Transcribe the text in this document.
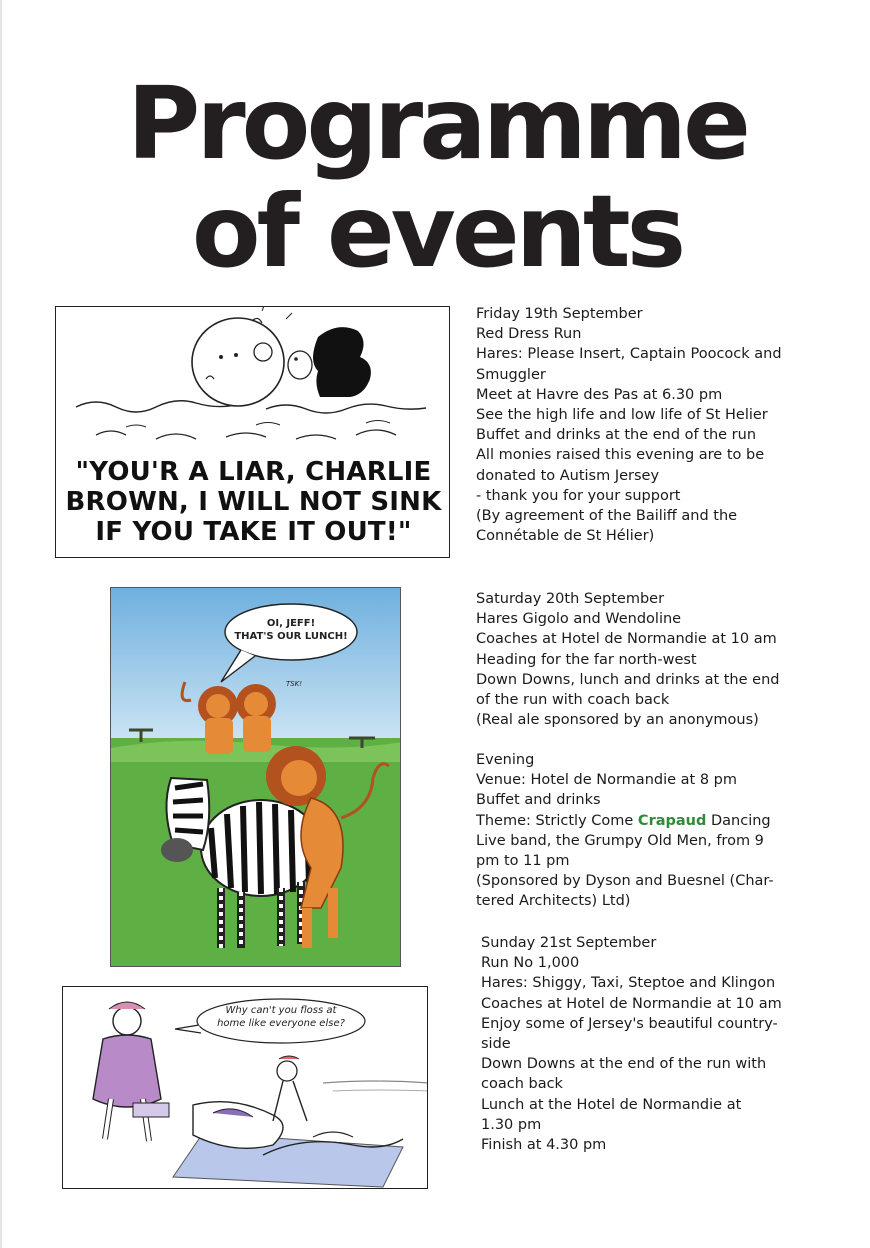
Programme
of events
"YOU'R A LIAR, CHARLIE
BROWN, I WILL NOT SINK
IF YOU TAKE IT OUT!"
OI, JEFF!
THAT'S OUR LUNCH!
TSK!
Why can't you floss at
home like everyone else?
Friday 19th September
Red Dress Run
Hares: Please Insert, Captain Poocock and
Smuggler
Meet at Havre des Pas at 6.30 pm
See the high life and low life of St Helier
Buffet and drinks at the end of the run
All monies raised this evening are to be
donated to Autism Jersey
- thank you for your support
(By agreement of the Bailiff and the
Connétable de St Hélier)
Saturday 20th September
Hares Gigolo and Wendoline
Coaches at Hotel de Normandie at 10 am
Heading for the far north-west
Down Downs, lunch and drinks at the end
of the run with coach back
(Real ale sponsored by an anonymous)
Evening
Venue: Hotel de Normandie at 8 pm
Buffet and drinks
Theme: Strictly Come Crapaud Dancing
Live band, the Grumpy Old Men, from 9
pm to 11 pm
(Sponsored by Dyson and Buesnel (Char-
tered Architects) Ltd)
Sunday 21st September
Run No 1,000
Hares: Shiggy, Taxi, Steptoe and Klingon
Coaches at Hotel de Normandie at 10 am
Enjoy some of Jersey's beautiful country-
side
Down Downs at the end of the run with
coach back
Lunch at the Hotel de Normandie at
1.30 pm
Finish at 4.30 pm
